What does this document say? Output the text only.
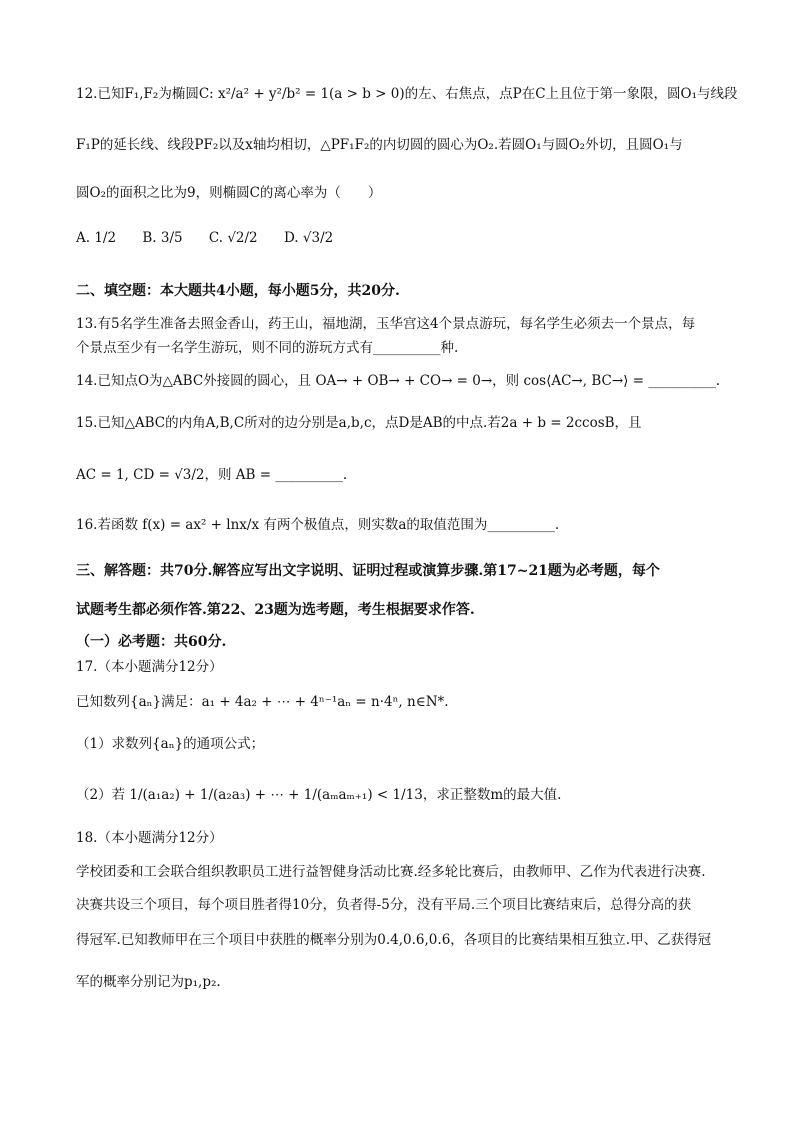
12.已知F₁,F₂为椭圆C: x²/a² + y²/b² = 1(a > b > 0)的左、右焦点，点P在C上且位于第一象限，圆O₁与线段
F₁P的延长线、线段PF₂以及x轴均相切，△PF₁F₂的内切圆的圆心为O₂.若圆O₁与圆O₂外切，且圆O₁与
圆O₂的面积之比为9，则椭圆C的离心率为（　　）
A. 1/2 B. 3/5 C. √2/2 D. √3/2
二、填空题：本大题共4小题，每小题5分，共20分.
13.有5名学生准备去照金香山，药王山，福地湖，玉华宫这4个景点游玩，每名学生必须去一个景点，每
个景点至少有一名学生游玩，则不同的游玩方式有__________种.
14.已知点O为△ABC外接圆的圆心，且 OA→ + OB→ + CO→ = 0→，则 cos⟨AC→, BC→⟩ = __________.
15.已知△ABC的内角A,B,C所对的边分别是a,b,c，点D是AB的中点.若2a + b = 2ccosB，且
AC = 1, CD = √3/2，则 AB = __________.
16.若函数 f(x) = ax² + lnx/x 有两个极值点，则实数a的取值范围为__________.
三、解答题：共70分.解答应写出文字说明、证明过程或演算步骤.第17~21题为必考题，每个
试题考生都必须作答.第22、23题为选考题，考生根据要求作答.
（一）必考题：共60分.
17.（本小题满分12分）
已知数列{aₙ}满足：a₁ + 4a₂ + ⋯ + 4ⁿ⁻¹aₙ = n·4ⁿ, n∈N*.
（1）求数列{aₙ}的通项公式；
（2）若 1/(a₁a₂) + 1/(a₂a₃) + ⋯ + 1/(aₘaₘ₊₁) < 1/13，求正整数m的最大值.
18.（本小题满分12分）
学校团委和工会联合组织教职员工进行益智健身活动比赛.经多轮比赛后，由教师甲、乙作为代表进行决赛.
决赛共设三个项目，每个项目胜者得10分，负者得-5分，没有平局.三个项目比赛结束后，总得分高的获
得冠军.已知教师甲在三个项目中获胜的概率分别为0.4,0.6,0.6，各项目的比赛结果相互独立.甲、乙获得冠
军的概率分别记为p₁,p₂.
